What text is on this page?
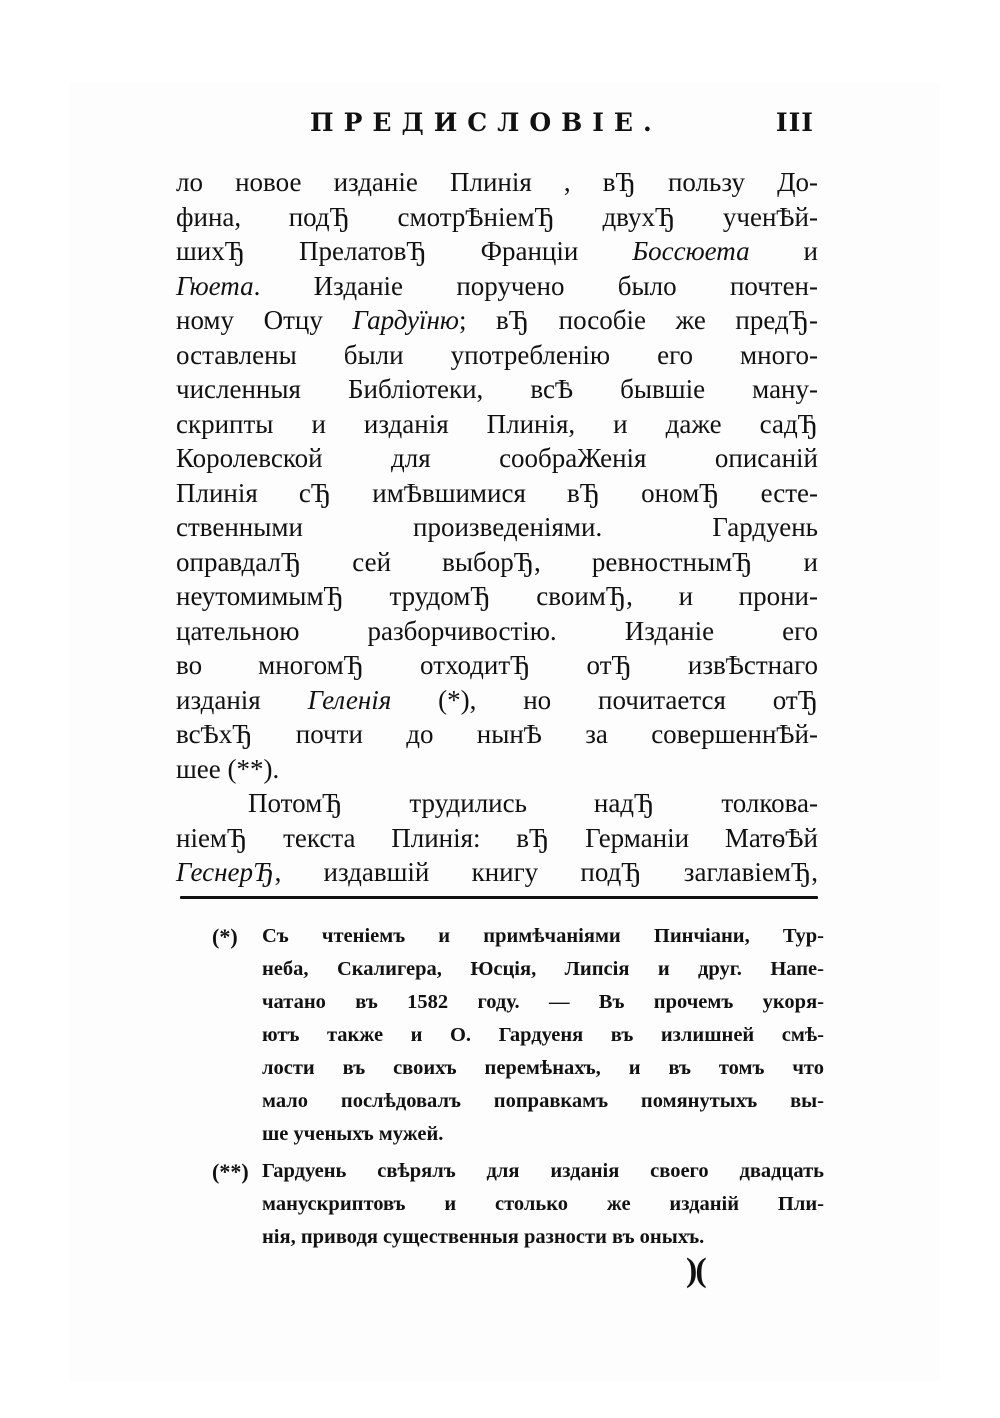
ПРЕДИСЛОВІЕ.	III
ло новое изданіе Плинія , вЂ пользу До-
фина, подЂ смотрѢніемЂ двухЂ ученѢй-
шихЂ ПрелатовЂ Франціи Боссюета и
Гюета. Изданіе поручено было почтен-
ному Отцу Гардуïню; вЂ пособіе же предЂ-
оставлены были употребленію его много-
численныя Библіотеки, всѢ бывшіе ману-
скрипты и изданія Плинія, и даже садЂ
Королевской для сообраЖенія описаній
Плинія сЂ имѢвшимися вЂ ономЂ есте-
ственными произведеніями. Гардуень
оправдалЂ сей выборЂ, ревностнымЂ и
неутомимымЂ трудомЂ своимЂ, и прони-
цательною разборчивостію. Изданіе его
во многомЂ отходитЂ отЂ извѢстнаго
изданія Геленія (*), но почитается отЂ
всѢхЂ почти до нынѢ за совершеннѢй-
шее (**).
ПотомЂ трудились надЂ толкова-
ніемЂ текста Плинія: вЂ Германіи МатѳѢй
ГеснерЂ, издавшій книгу подЂ заглавіемЂ,
(*) Съ чтеніемъ и примѣчаніями Пинчіани, Тур-
неба, Скалигера, Юсція, Липсія и друг. Напе-
чатано въ 1582 году. — Въ прочемъ укоря-
ютъ также и О. Гардуеня въ излишней смѣ-
лости въ своихъ перемѣнахъ, и въ томъ что
мало послѣдовалъ поправкамъ помянутыхъ вы-
ше ученыхъ мужей.
(**) Гардуень свѣрялъ для изданія своего двадцать
манускриптовъ и столько же изданій Пли-
нія, приводя существенныя разности въ оныхъ.
)(
